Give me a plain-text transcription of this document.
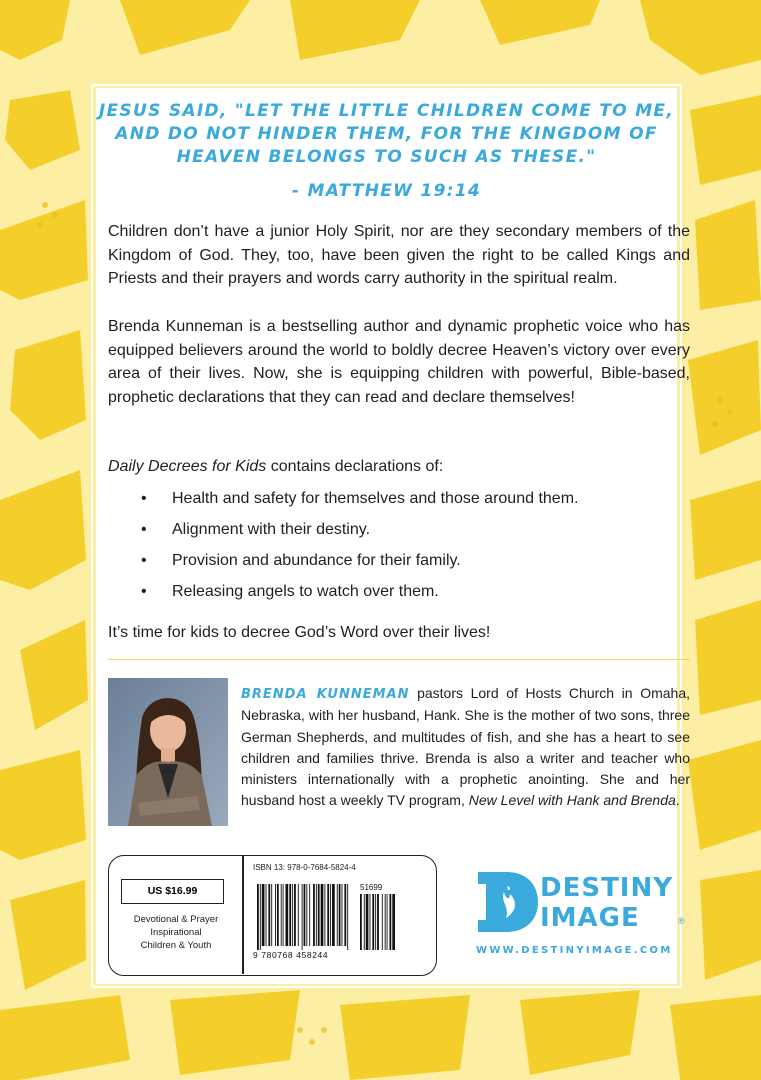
JESUS SAID, "LET THE LITTLE CHILDREN COME TO ME,
AND DO NOT HINDER THEM, FOR THE KINGDOM OF
HEAVEN BELONGS TO SUCH AS THESE."
- MATTHEW 19:14
Children don’t have a junior Holy Spirit, nor are they secondary members of the Kingdom of God. They, too, have been given the right to be called Kings and Priests and their prayers and words carry authority in the spiritual realm.
Brenda Kunneman is a bestselling author and dynamic prophetic voice who has equipped believers around the world to boldly decree Heaven’s victory over every area of their lives. Now, she is equipping children with powerful, Bible-based, prophetic declarations that they can read and declare themselves!
Daily Decrees for Kids contains declarations of:
• Health and safety for themselves and those around them.
• Alignment with their destiny.
• Provision and abundance for their family.
• Releasing angels to watch over them.
It’s time for kids to decree God’s Word over their lives!
BRENDA KUNNEMAN pastors Lord of Hosts Church in Omaha, Nebraska, with her husband, Hank. She is the mother of two sons, three German Shepherds, and multitudes of fish, and she has a heart to see children and families thrive. Brenda is also a writer and teacher who ministers internationally with a prophetic anointing. She and her husband host a weekly TV program, New Level with Hank and Brenda.
US $16.99
Devotional & Prayer
Inspirational
Children & Youth
ISBN 13: 978-0-7684-5824-4
51699
9 780768 458244
DESTINY
IMAGE	®
WWW.DESTINYIMAGE.COM
